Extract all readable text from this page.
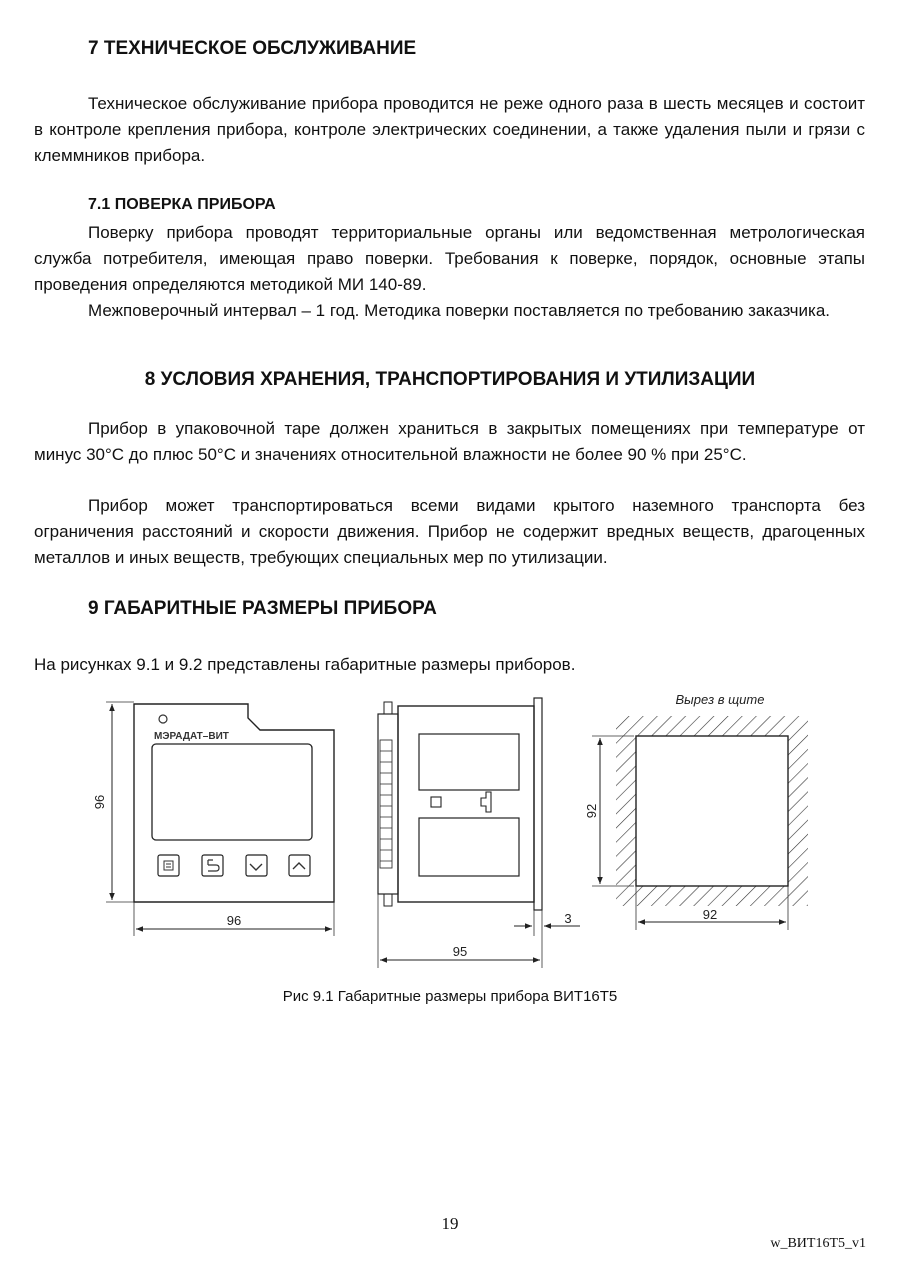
7 ТЕХНИЧЕСКОЕ ОБСЛУЖИВАНИЕ

Техническое обслуживание прибора проводится не реже одного раза в шесть месяцев и состоит в контроле крепления прибора, контроле электрических соединении, а также удаления пыли и грязи с клеммников прибора.

7.1 ПОВЕРКА ПРИБОРА

Поверку прибора проводят территориальные органы или ведомственная метрологическая служба потребителя, имеющая право поверки. Требования к поверке, порядок, основные этапы проведения определяются методикой МИ 140-89.

Межповерочный интервал – 1 год. Методика поверки поставляется по требованию заказчика.

8 УСЛОВИЯ ХРАНЕНИЯ, ТРАНСПОРТИРОВАНИЯ И УТИЛИЗАЦИИ

Прибор в упаковочной таре должен храниться в закрытых помещениях при температуре от минус 30°С до плюс 50°С и значениях относительной влажности не более 90 % при 25°С.

Прибор может транспортироваться всеми видами крытого наземного транспорта без ограничения расстояний и скорости движения. Прибор не содержит вредных веществ, драгоценных металлов и иных веществ, требующих специальных мер по утилизации.

9 ГАБАРИТНЫЕ РАЗМЕРЫ ПРИБОРА

На рисунках 9.1 и 9.2 представлены габаритные размеры приборов.

МЭРАДАТ–ВИТ
96
96	3
95
Вырез в щите
92
92
Рис 9.1 Габаритные размеры прибора ВИТ16Т5
19
w_ВИТ16Т5_v1
